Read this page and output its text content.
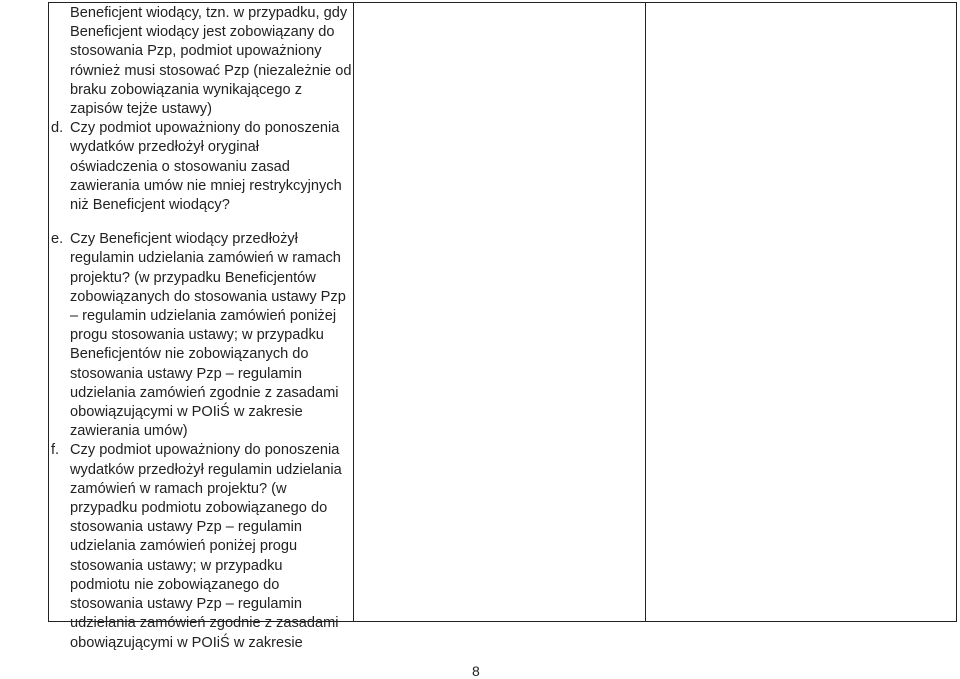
Beneficjent wiodący, tzn. w przypadku, gdy
Beneficjent wiodący jest zobowiązany do
stosowania Pzp, podmiot upoważniony
również musi stosować Pzp (niezależnie od
braku zobowiązania wynikającego z
zapisów tejże ustawy)
d. Czy podmiot upoważniony do ponoszenia
wydatków przedłożył oryginał
oświadczenia o stosowaniu zasad
zawierania umów nie mniej restrykcyjnych
niż Beneficjent wiodący?
e. Czy Beneficjent wiodący przedłożył
regulamin udzielania zamówień w ramach
projektu? (w przypadku Beneficjentów
zobowiązanych do stosowania ustawy Pzp
– regulamin udzielania zamówień poniżej
progu stosowania ustawy; w przypadku
Beneficjentów nie zobowiązanych do
stosowania ustawy Pzp – regulamin
udzielania zamówień zgodnie z zasadami
obowiązującymi w POIiŚ w zakresie
zawierania umów)
f. Czy podmiot upoważniony do ponoszenia
wydatków przedłożył regulamin udzielania
zamówień w ramach projektu? (w
przypadku podmiotu zobowiązanego do
stosowania ustawy Pzp – regulamin
udzielania zamówień poniżej progu
stosowania ustawy; w przypadku
podmiotu nie zobowiązanego do
stosowania ustawy Pzp – regulamin
udzielania zamówień zgodnie z zasadami
obowiązującymi w POIiŚ w zakresie
8
